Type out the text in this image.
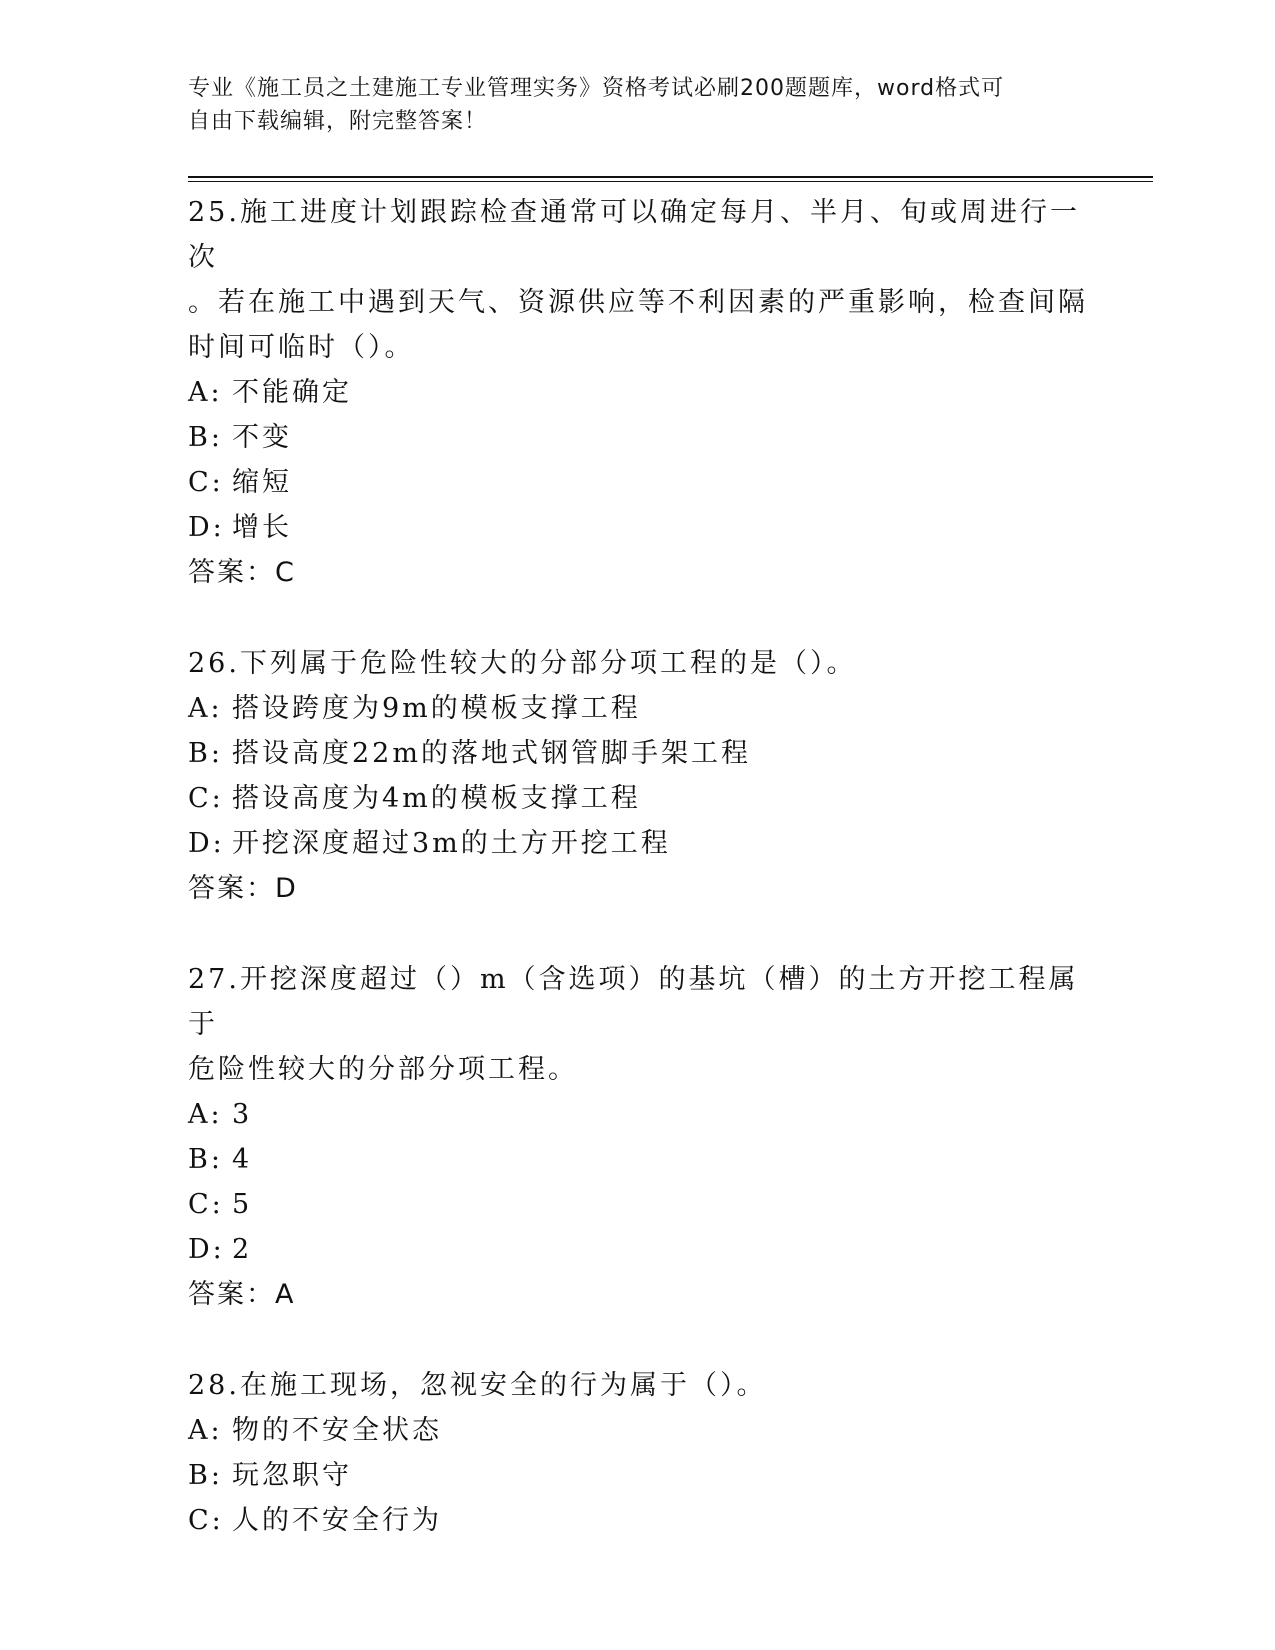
专业《施工员之土建施工专业管理实务》资格考试必刷200题题库，word格式可
自由下载编辑，附完整答案！
25.施工进度计划跟踪检查通常可以确定每月、半月、旬或周进行一次
。若在施工中遇到天气、资源供应等不利因素的严重影响，检查间隔
时间可临时（）。
A: 不能确定
B: 不变
C: 缩短
D: 增长
答案：C
26.下列属于危险性较大的分部分项工程的是（）。
A: 搭设跨度为9m的模板支撑工程
B: 搭设高度22m的落地式钢管脚手架工程
C: 搭设高度为4m的模板支撑工程
D: 开挖深度超过3m的土方开挖工程
答案：D
27.开挖深度超过（）m（含选项）的基坑（槽）的土方开挖工程属于
危险性较大的分部分项工程。
A: 3
B: 4
C: 5
D: 2
答案：A
28.在施工现场，忽视安全的行为属于（）。
A: 物的不安全状态
B: 玩忽职守
C: 人的不安全行为
